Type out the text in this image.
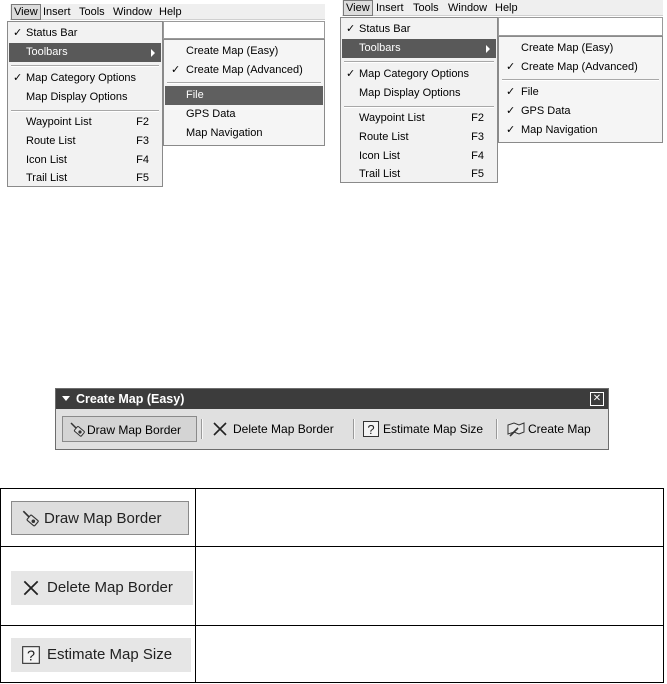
View Insert Tools Window Help
✓ Status Bar
Toolbars
✓ Map Category Options
Map Display Options
Waypoint List	F2
Route List	F3
Icon List	F4
Trail List	F5
Create Map (Easy)
✓ Create Map (Advanced)
File
GPS Data
Map Navigation
View Insert Tools Window Help
✓ Status Bar
Toolbars
✓ Map Category Options
Map Display Options
Waypoint List	F2
Route List	F3
Icon List	F4
Trail List	F5
Create Map (Easy)
✓ Create Map (Advanced)
✓ File
✓ GPS Data
✓ Map Navigation
Create Map (Easy)	✕
Draw Map Border	Delete Map Border	? Estimate Map Size	Create Map
Draw Map Border
Delete Map Border
? Estimate Map Size
